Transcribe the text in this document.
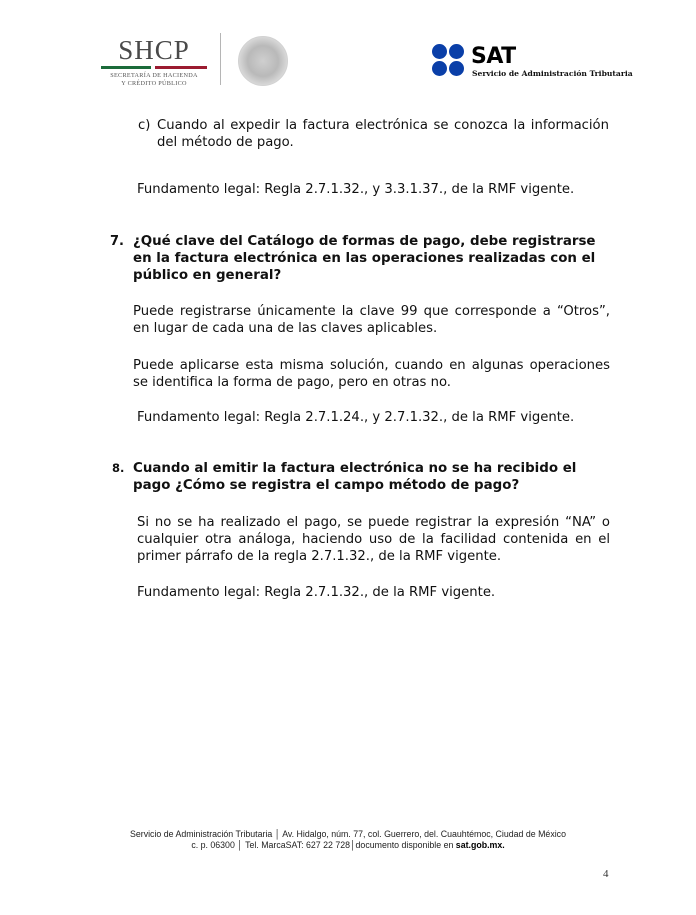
SHCP
SECRETARÍA DE HACIENDA
Y CRÉDITO PÚBLICO
SAT
Servicio de Administración Tributaria
c) Cuando al expedir la factura electrónica se conozca la información del método de pago.
Fundamento legal: Regla 2.7.1.32., y 3.3.1.37., de la RMF vigente.
7. ¿Qué clave del Catálogo de formas de pago, debe registrarse en la factura electrónica en las operaciones realizadas con el público en general?
Puede registrarse únicamente la clave 99 que corresponde a “Otros”, en lugar de cada una de las claves aplicables.
Puede aplicarse esta misma solución, cuando en algunas operaciones se identifica la forma de pago, pero en otras no.
Fundamento legal: Regla 2.7.1.24., y 2.7.1.32., de la RMF vigente.
8. Cuando al emitir la factura electrónica no se ha recibido el pago ¿Cómo se registra el campo método de pago?
Si no se ha realizado el pago, se puede registrar la expresión “NA” o cualquier otra análoga, haciendo uso de la facilidad contenida en el primer párrafo de la regla 2.7.1.32., de la RMF vigente.
Fundamento legal: Regla 2.7.1.32., de la RMF vigente.
Servicio de Administración Tributaria │ Av. Hidalgo, núm. 77, col. Guerrero, del. Cuauhtémoc, Ciudad de México
c. p. 06300 │ Tel. MarcaSAT: 627 22 728│documento disponible en sat.gob.mx.
4
